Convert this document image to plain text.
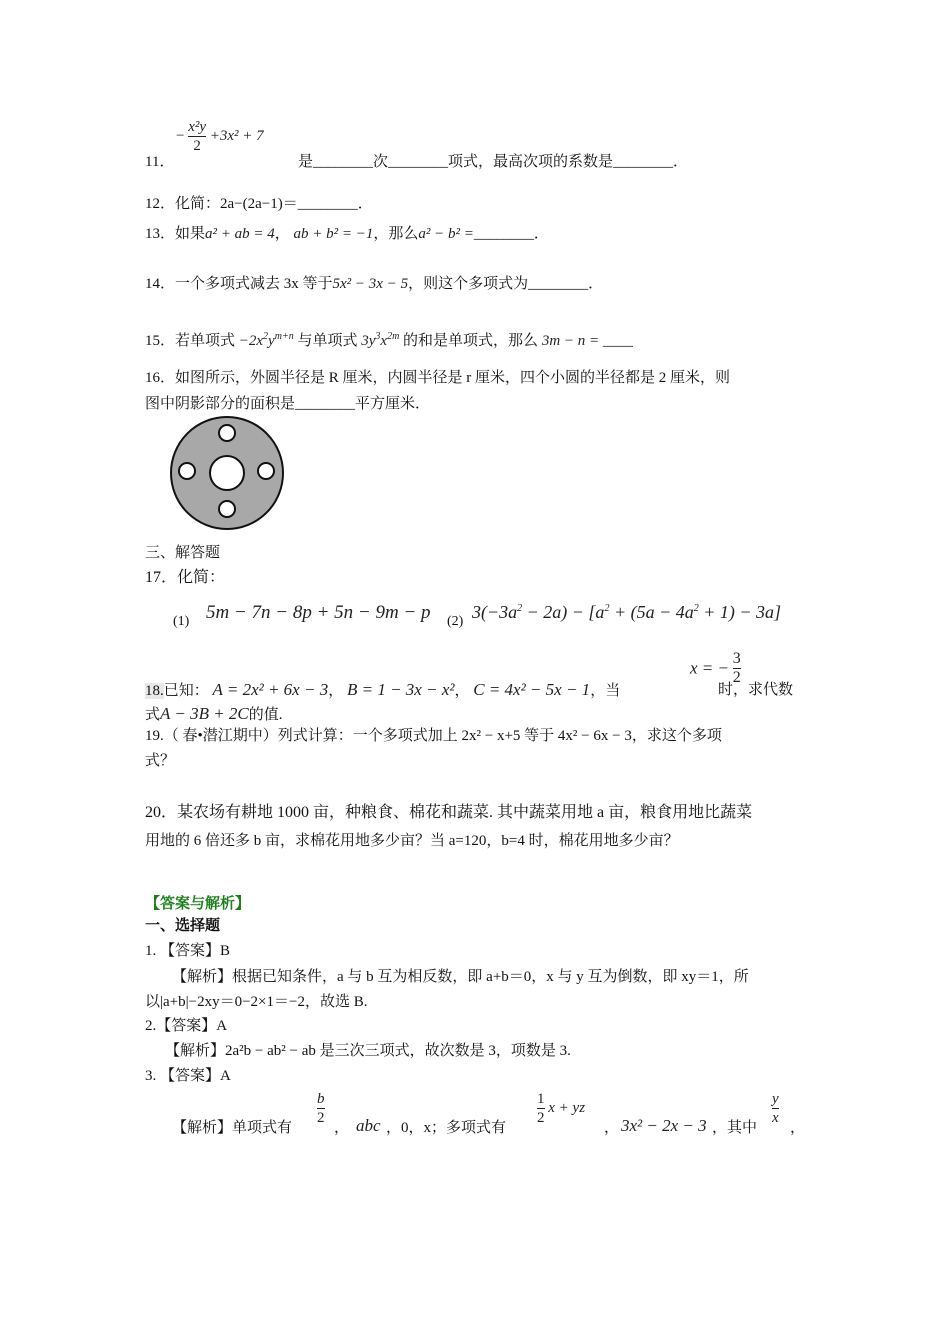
11．
− $\frac{\text{x²y}}{2} +3x^2 + 7$
是________次________项式，最高次项的系数是________．
12．化简：2a−(2a−1)＝________．
13．如果a² + ab = 4， ab + b² = −1，那么a² − b² =________．
14．一个多项式减去 3x 等于5x² − 3x − 5，则这个多项式为________．
15．若单项式 $-2x^2y^{m+n}$ 与单项式 $3y^3x^{2m}$ 的和是单项式，那么 3m − n = ____
16．如图所示，外圆半径是 R 厘米，内圆半径是 r 厘米，四个小圆的半径都是 2 厘米，则
图中阴影部分的面积是________平方厘米．
三、解答题
17．化简：
(1) 5m − 7n − 8p + 5n − 9m − p (2) $3(-3a^2 - 2a) - [a^2 + (5a - 4a^2 + 1) - 3a]$
18.已知： A = 2x² + 6x − 3， B = 1 − 3x − x²， C = 4x² − 5x − 1，当
x = − $\frac{3}{2}$
时，求代数
式A − 3B + 2C的值.
19.（ 春•潜江期中）列式计算：一个多项式加上 2x² − x+5 等于 4x² − 6x − 3，求这个多项
式？
20．某农场有耕地 1000 亩，种粮食、棉花和蔬菜. 其中蔬菜用地 a 亩，粮食用地比蔬菜
用地的 6 倍还多 b 亩，求棉花用地多少亩？当 a=120，b=4 时，棉花用地多少亩？
【答案与解析】
一、选择题
1. 【答案】B
【解析】根据已知条件，a 与 b 互为相反数，即 a+b＝0，x 与 y 互为倒数，即 xy＝1，所
以|a+b|−2xy＝0−2×1＝−2，故选 B.
2.【答案】A
【解析】2a²b − ab² − ab 是三次三项式，故次数是 3，项数是 3.
3. 【答案】A
【解析】单项式有
$\frac{b}{2}$
， abc ，0，x；多项式有
$\frac{1}{2}$ x + yz
， 3x² − 2x − 3 ，其中
$\frac{y}{x}$
，
